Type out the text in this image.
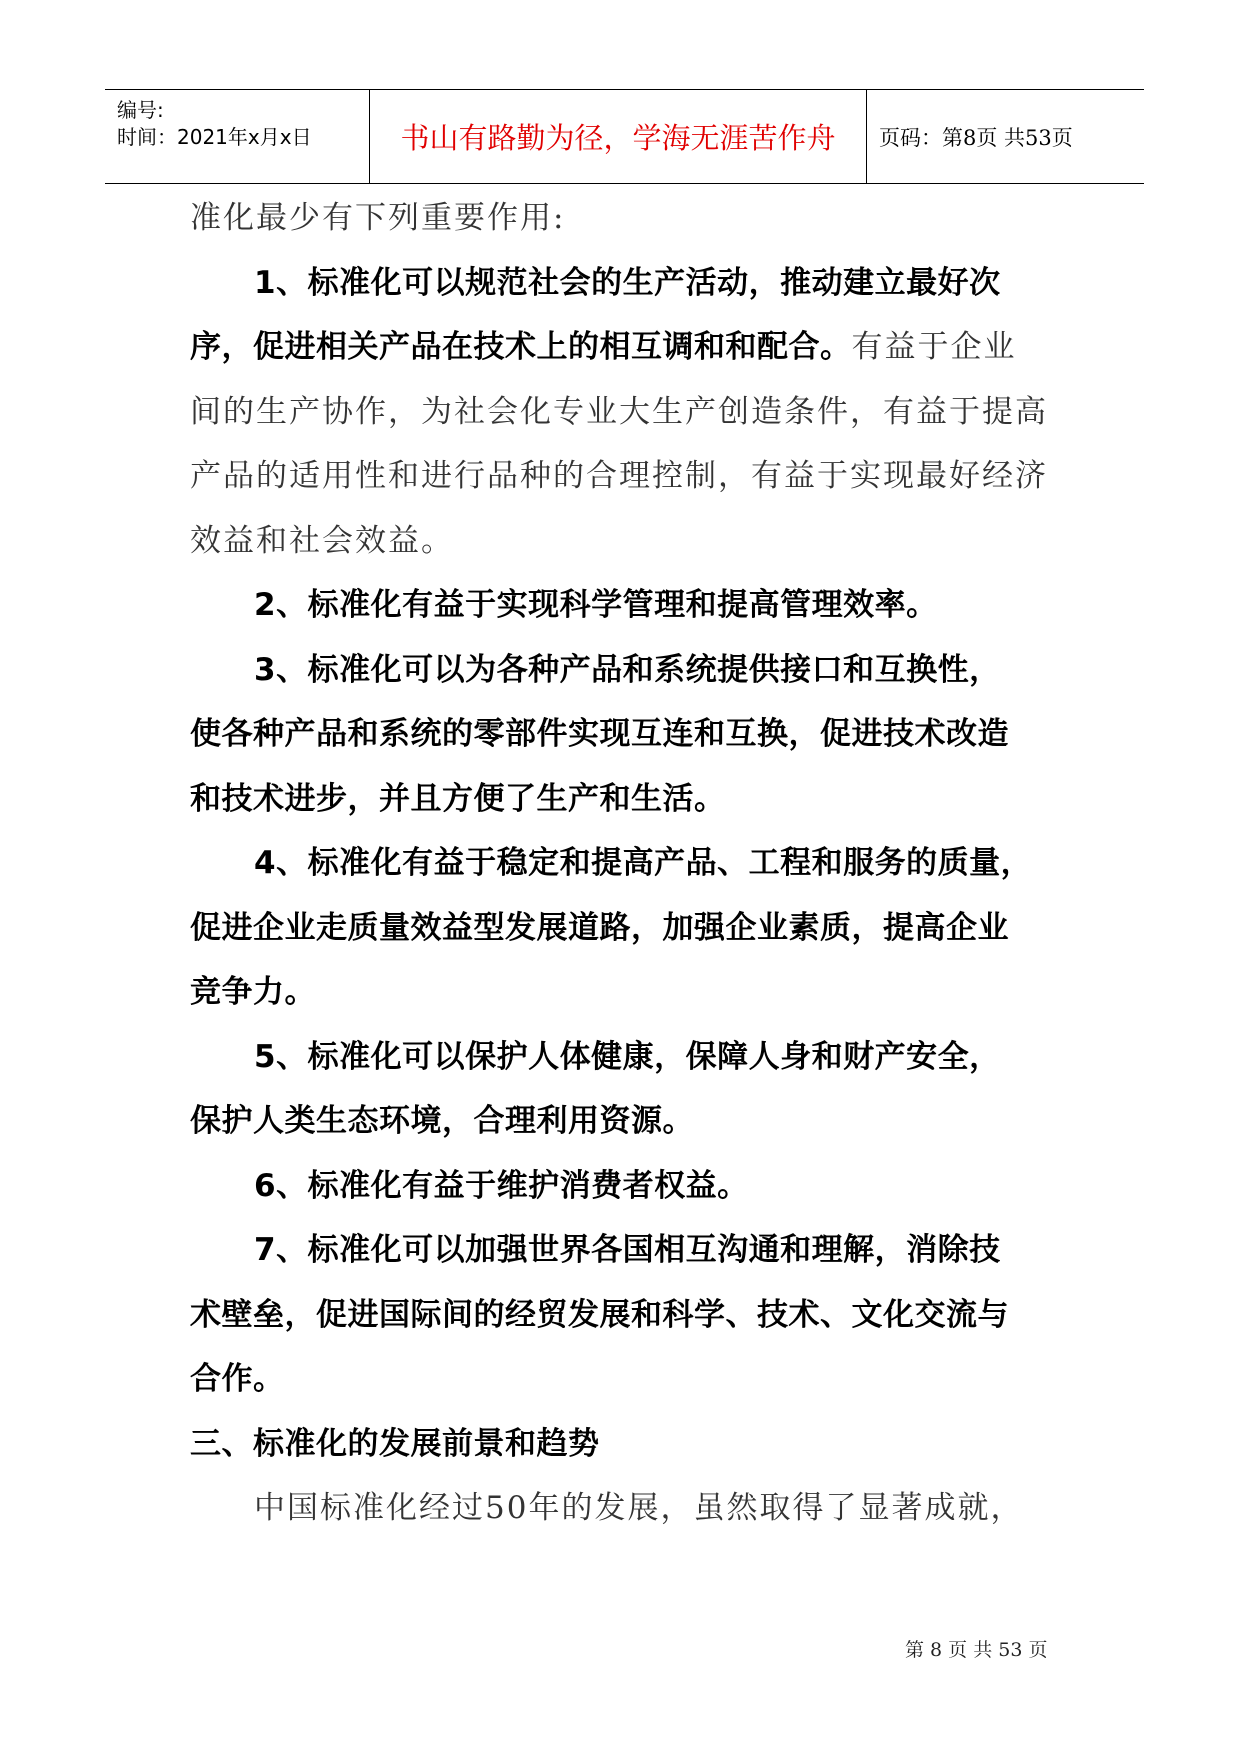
编号:
时间：2021年x月x日	书山有路勤为径，学海无涯苦作舟 页码：第8页 共53页
准化最少有下列重要作用:
1、标准化可以规范社会的生产活动，推动建立最好次
序，促进相关产品在技术上的相互调和和配合。有益于企业
间的生产协作，为社会化专业大生产创造条件，有益于提高
产品的适用性和进行品种的合理控制，有益于实现最好经济
效益和社会效益。
2、标准化有益于实现科学管理和提高管理效率。
3、标准化可以为各种产品和系统提供接口和互换性，
使各种产品和系统的零部件实现互连和互换，促进技术改造
和技术进步，并且方便了生产和生活。
4、标准化有益于稳定和提高产品、工程和服务的质量，
促进企业走质量效益型发展道路，加强企业素质，提高企业
竞争力。
5、标准化可以保护人体健康，保障人身和财产安全，
保护人类生态环境，合理利用资源。
6、标准化有益于维护消费者权益。
7、标准化可以加强世界各国相互沟通和理解，消除技
术壁垒，促进国际间的经贸发展和科学、技术、文化交流与
合作。
三、标准化的发展前景和趋势
中国标准化经过50年的发展，虽然取得了显著成就，
第 8 页 共 53 页
